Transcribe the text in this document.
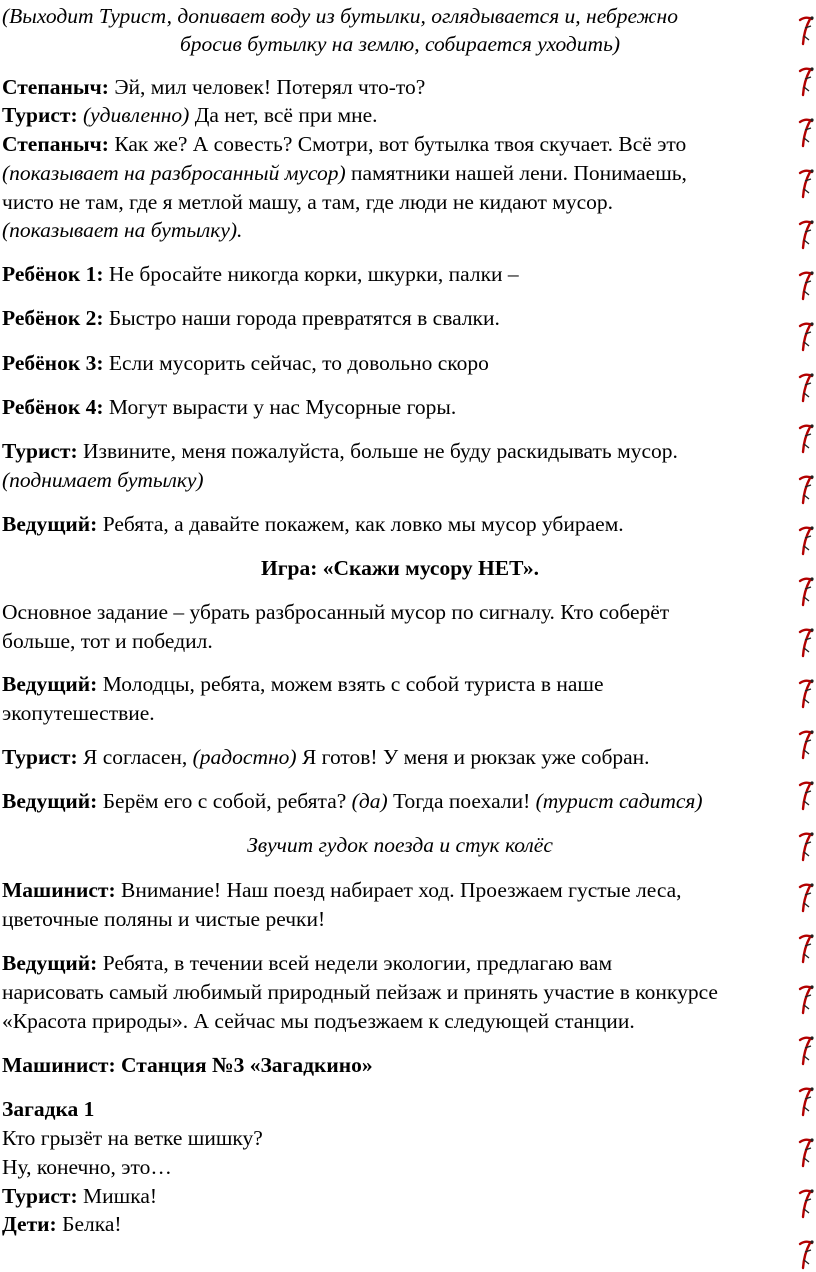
(Выходит Турист, допивает воду из бутылки, оглядывается и, небрежно
бросив бутылку на землю, собирается уходить)
Степаныч: Эй, мил человек! Потерял что-то?
Турист: (удивленно) Да нет, всё при мне.
Степаныч: Как же? А совесть? Смотри, вот бутылка твоя скучает. Всё это
(показывает на разбросанный мусор) памятники нашей лени. Понимаешь,
чисто не там, где я метлой машу, а там, где люди не кидают мусор.
(показывает на бутылку).
Ребёнок 1: Не бросайте никогда корки, шкурки, палки –
Ребёнок 2: Быстро наши города превратятся в свалки.
Ребёнок 3: Если мусорить сейчас, то довольно скоро
Ребёнок 4: Могут вырасти у нас Мусорные горы.
Турист: Извините, меня пожалуйста, больше не буду раскидывать мусор.
(поднимает бутылку)
Ведущий: Ребята, а давайте покажем, как ловко мы мусор убираем.
Игра: «Скажи мусору НЕТ».
Основное задание – убрать разбросанный мусор по сигналу. Кто соберёт
больше, тот и победил.
Ведущий: Молодцы, ребята, можем взять с собой туриста в наше
экопутешествие.
Турист: Я согласен, (радостно) Я готов! У меня и рюкзак уже собран.
Ведущий: Берём его с собой, ребята? (да) Тогда поехали! (турист садится)
Звучит гудок поезда и стук колёс
Машинист: Внимание! Наш поезд набирает ход. Проезжаем густые леса,
цветочные поляны и чистые речки!
Ведущий: Ребята, в течении всей недели экологии, предлагаю вам
нарисовать самый любимый природный пейзаж и принять участие в конкурсе
«Красота природы». А сейчас мы подъезжаем к следующей станции.
Машинист: Станция №3 «Загадкино»
Загадка 1
Кто грызёт на ветке шишку?
Ну, конечно, это…
Турист: Мишка!
Дети: Белка!
